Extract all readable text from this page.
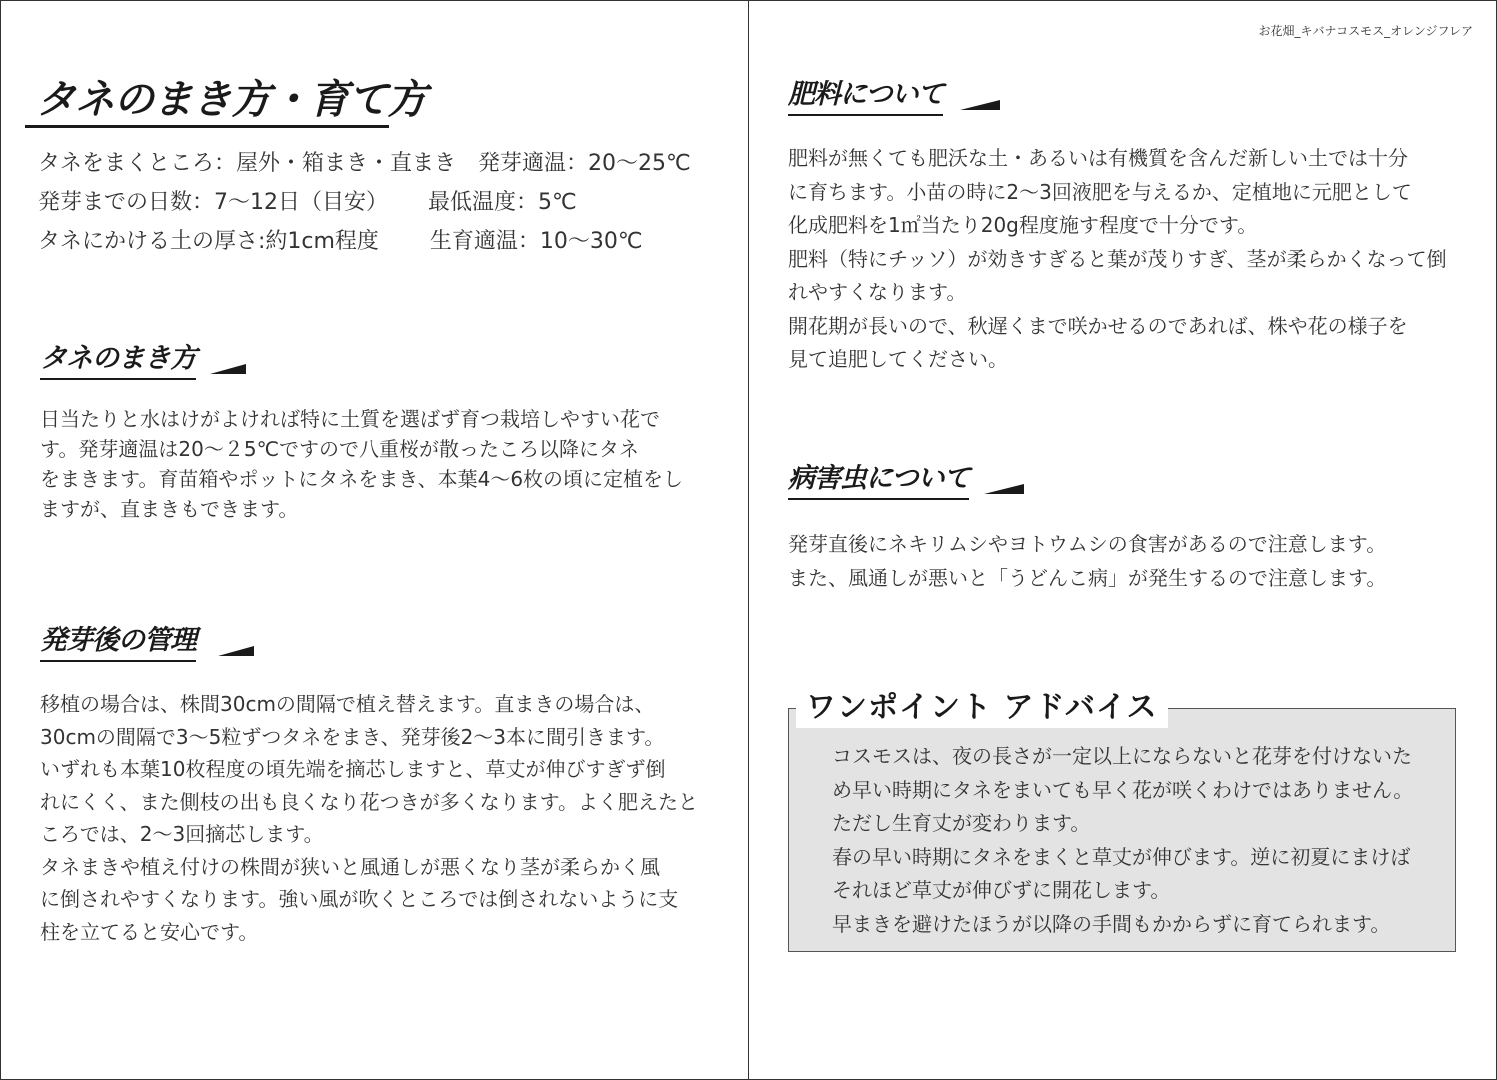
お花畑_キバナコスモス_オレンジフレア
タネのまき方・育て方
タネをまくところ：屋外・箱まき・直まき　発芽適温：20～25℃
発芽までの日数：7～12日（目安）　　 最低温度：5℃
タネにかける土の厚さ:約1cm程度　　 生育適温：10～30℃
タネのまき方

日当たりと水はけがよければ特に土質を選ばず育つ栽培しやすい花で

す。発芽適温は20～２5℃ですので八重桜が散ったころ以降にタネ

をまきます。育苗箱やポットにタネをまき、本葉4～6枚の頃に定植をし

ますが、直まきもできます。

発芽後の管理

移植の場合は、株間30cmの間隔で植え替えます。直まきの場合は、

30cmの間隔で3～5粒ずつタネをまき、発芽後2～3本に間引きます。

いずれも本葉10枚程度の頃先端を摘芯しますと、草丈が伸びすぎず倒

れにくく、また側枝の出も良くなり花つきが多くなります。よく肥えたと

ころでは、2～3回摘芯します。

タネまきや植え付けの株間が狭いと風通しが悪くなり茎が柔らかく風

に倒されやすくなります。強い風が吹くところでは倒されないように支

柱を立てると安心です。

肥料について

肥料が無くても肥沃な土・あるいは有機質を含んだ新しい土では十分

に育ちます。小苗の時に2～3回液肥を与えるか、定植地に元肥として

化成肥料を1㎡当たり20g程度施す程度で十分です。

肥料（特にチッソ）が効きすぎると葉が茂りすぎ、茎が柔らかくなって倒

れやすくなります。

開花期が長いので、秋遅くまで咲かせるのであれば、株や花の様子を

見て追肥してください。

病害虫について

発芽直後にネキリムシやヨトウムシの食害があるので注意します。

また、風通しが悪いと「うどんこ病」が発生するので注意します。

ワンポイント アドバイス

コスモスは、夜の長さが一定以上にならないと花芽を付けないた

め早い時期にタネをまいても早く花が咲くわけではありません。

ただし生育丈が変わります。

春の早い時期にタネをまくと草丈が伸びます。逆に初夏にまけば

それほど草丈が伸びずに開花します。

早まきを避けたほうが以降の手間もかからずに育てられます。
